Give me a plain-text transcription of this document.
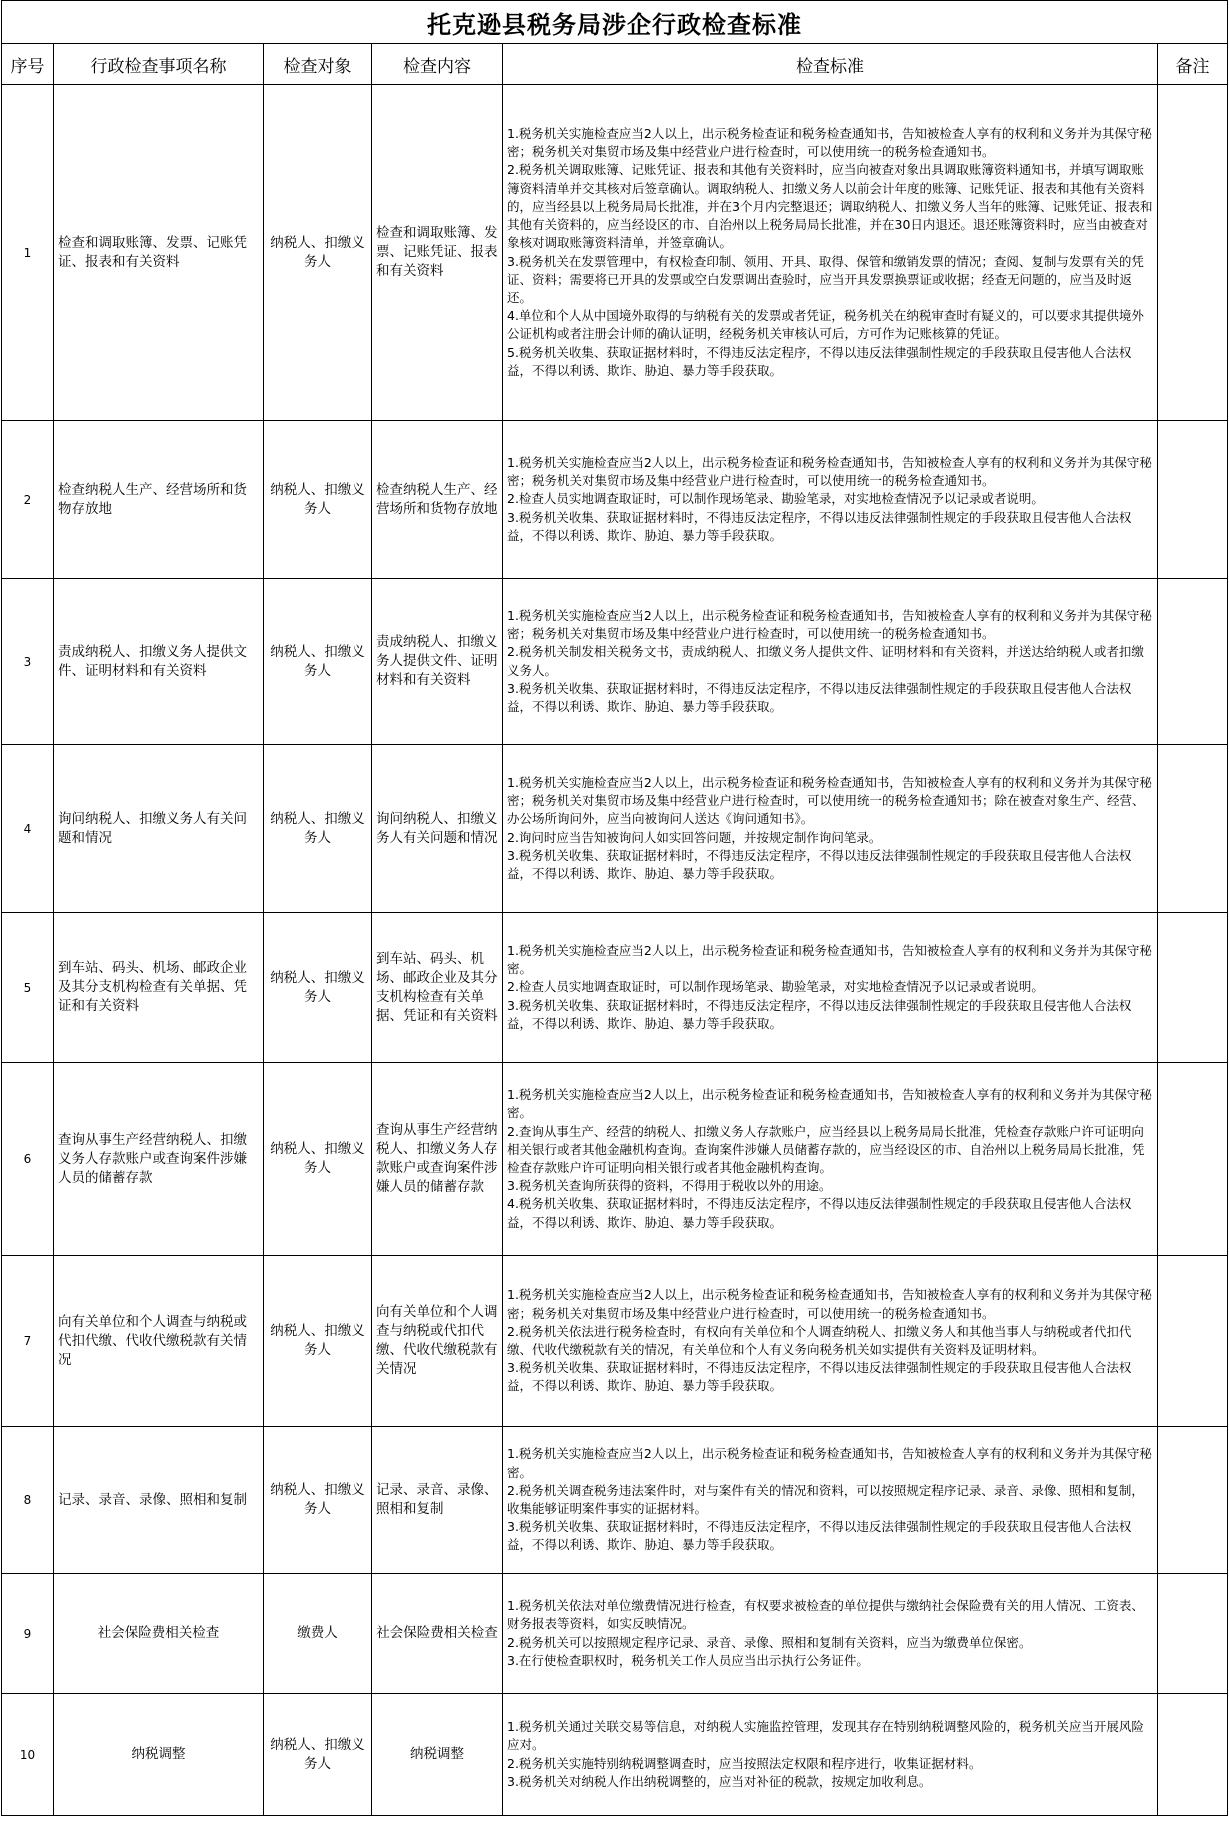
托克逊县税务局涉企行政检查标准					
序号	行政检查事项名称	检查对象	检查内容	检查标准	备注
1	检查和调取账簿、发票、记账凭证、报表和有关资料	纳税人、扣缴义务人	检查和调取账簿、发票、记账凭证、报表和有关资料	1.税务机关实施检查应当2人以上，出示税务检查证和税务检查通知书，告知被检查人享有的权利和义务并为其保守秘密；税务机关对集贸市场及集中经营业户进行检查时，可以使用统一的税务检查通知书。
2.税务机关调取账簿、记账凭证、报表和其他有关资料时，应当向被查对象出具调取账簿资料通知书，并填写调取账簿资料清单并交其核对后签章确认。调取纳税人、扣缴义务人以前会计年度的账簿、记账凭证、报表和其他有关资料的，应当经县以上税务局局长批准，并在3个月内完整退还；调取纳税人、扣缴义务人当年的账簿、记账凭证、报表和其他有关资料的，应当经设区的市、自治州以上税务局局长批准，并在30日内退还。退还账簿资料时，应当由被查对象核对调取账簿资料清单，并签章确认。
3.税务机关在发票管理中，有权检查印制、领用、开具、取得、保管和缴销发票的情况；查阅、复制与发票有关的凭证、资料；需要将已开具的发票或空白发票调出查验时，应当开具发票换票证或收据；经查无问题的，应当及时返还。
4.单位和个人从中国境外取得的与纳税有关的发票或者凭证，税务机关在纳税审查时有疑义的，可以要求其提供境外公证机构或者注册会计师的确认证明，经税务机关审核认可后，方可作为记账核算的凭证。
5.税务机关收集、获取证据材料时，不得违反法定程序，不得以违反法律强制性规定的手段获取且侵害他人合法权益，不得以利诱、欺诈、胁迫、暴力等手段获取。	

2	检查纳税人生产、经营场所和货物存放地	纳税人、扣缴义务人	检查纳税人生产、经营场所和货物存放地	1.税务机关实施检查应当2人以上，出示税务检查证和税务检查通知书，告知被检查人享有的权利和义务并为其保守秘密；税务机关对集贸市场及集中经营业户进行检查时，可以使用统一的税务检查通知书。
2.检查人员实地调查取证时，可以制作现场笔录、勘验笔录，对实地检查情况予以记录或者说明。
3.税务机关收集、获取证据材料时，不得违反法定程序，不得以违反法律强制性规定的手段获取且侵害他人合法权益，不得以利诱、欺诈、胁迫、暴力等手段获取。	

3	责成纳税人、扣缴义务人提供文件、证明材料和有关资料	纳税人、扣缴义务人	责成纳税人、扣缴义务人提供文件、证明材料和有关资料	1.税务机关实施检查应当2人以上，出示税务检查证和税务检查通知书，告知被检查人享有的权利和义务并为其保守秘密；税务机关对集贸市场及集中经营业户进行检查时，可以使用统一的税务检查通知书。
2.税务机关制发相关税务文书，责成纳税人、扣缴义务人提供文件、证明材料和有关资料，并送达给纳税人或者扣缴义务人。
3.税务机关收集、获取证据材料时，不得违反法定程序，不得以违反法律强制性规定的手段获取且侵害他人合法权益，不得以利诱、欺诈、胁迫、暴力等手段获取。	

4	询问纳税人、扣缴义务人有关问题和情况	纳税人、扣缴义务人	询问纳税人、扣缴义务人有关问题和情况	1.税务机关实施检查应当2人以上，出示税务检查证和税务检查通知书，告知被检查人享有的权利和义务并为其保守秘密；税务机关对集贸市场及集中经营业户进行检查时，可以使用统一的税务检查通知书；除在被查对象生产、经营、办公场所询问外，应当向被询问人送达《询问通知书》。
2.询问时应当告知被询问人如实回答问题，并按规定制作询问笔录。
3.税务机关收集、获取证据材料时，不得违反法定程序，不得以违反法律强制性规定的手段获取且侵害他人合法权益，不得以利诱、欺诈、胁迫、暴力等手段获取。	

5	到车站、码头、机场、邮政企业及其分支机构检查有关单据、凭证和有关资料	纳税人、扣缴义务人	到车站、码头、机场、邮政企业及其分支机构检查有关单据、凭证和有关资料	1.税务机关实施检查应当2人以上，出示税务检查证和税务检查通知书，告知被检查人享有的权利和义务并为其保守秘密。
2.检查人员实地调查取证时，可以制作现场笔录、勘验笔录，对实地检查情况予以记录或者说明。
3.税务机关收集、获取证据材料时，不得违反法定程序，不得以违反法律强制性规定的手段获取且侵害他人合法权益，不得以利诱、欺诈、胁迫、暴力等手段获取。	

6	查询从事生产经营纳税人、扣缴义务人存款账户或查询案件涉嫌人员的储蓄存款	纳税人、扣缴义务人	查询从事生产经营纳税人、扣缴义务人存款账户或查询案件涉嫌人员的储蓄存款	1.税务机关实施检查应当2人以上，出示税务检查证和税务检查通知书，告知被检查人享有的权利和义务并为其保守秘密。
2.查询从事生产、经营的纳税人、扣缴义务人存款账户，应当经县以上税务局局长批准，凭检查存款账户许可证明向相关银行或者其他金融机构查询。查询案件涉嫌人员储蓄存款的，应当经设区的市、自治州以上税务局局长批准，凭检查存款账户许可证明向相关银行或者其他金融机构查询。
3.税务机关查询所获得的资料，不得用于税收以外的用途。
4.税务机关收集、获取证据材料时，不得违反法定程序，不得以违反法律强制性规定的手段获取且侵害他人合法权益，不得以利诱、欺诈、胁迫、暴力等手段获取。	

7	向有关单位和个人调查与纳税或代扣代缴、代收代缴税款有关情况	纳税人、扣缴义务人	向有关单位和个人调查与纳税或代扣代缴、代收代缴税款有关情况	1.税务机关实施检查应当2人以上，出示税务检查证和税务检查通知书，告知被检查人享有的权利和义务并为其保守秘密；税务机关对集贸市场及集中经营业户进行检查时，可以使用统一的税务检查通知书。
2.税务机关依法进行税务检查时，有权向有关单位和个人调查纳税人、扣缴义务人和其他当事人与纳税或者代扣代缴、代收代缴税款有关的情况，有关单位和个人有义务向税务机关如实提供有关资料及证明材料。
3.税务机关收集、获取证据材料时，不得违反法定程序，不得以违反法律强制性规定的手段获取且侵害他人合法权益，不得以利诱、欺诈、胁迫、暴力等手段获取。	

8	记录、录音、录像、照相和复制	纳税人、扣缴义务人	记录、录音、录像、照相和复制	1.税务机关实施检查应当2人以上，出示税务检查证和税务检查通知书，告知被检查人享有的权利和义务并为其保守秘密。
2.税务机关调查税务违法案件时，对与案件有关的情况和资料，可以按照规定程序记录、录音、录像、照相和复制，收集能够证明案件事实的证据材料。
3.税务机关收集、获取证据材料时，不得违反法定程序，不得以违反法律强制性规定的手段获取且侵害他人合法权益，不得以利诱、欺诈、胁迫、暴力等手段获取。	

9	社会保险费相关检查	缴费人	社会保险费相关检查	1.税务机关依法对单位缴费情况进行检查，有权要求被检查的单位提供与缴纳社会保险费有关的用人情况、工资表、财务报表等资料，如实反映情况。
2.税务机关可以按照规定程序记录、录音、录像、照相和复制有关资料，应当为缴费单位保密。
3.在行使检查职权时，税务机关工作人员应当出示执行公务证件。	

10	纳税调整	纳税人、扣缴义务人	纳税调整	1.税务机关通过关联交易等信息，对纳税人实施监控管理，发现其存在特别纳税调整风险的，税务机关应当开展风险应对。
2.税务机关实施特别纳税调整调查时，应当按照法定权限和程序进行，收集证据材料。
3.税务机关对纳税人作出纳税调整的，应当对补征的税款，按规定加收利息。	
